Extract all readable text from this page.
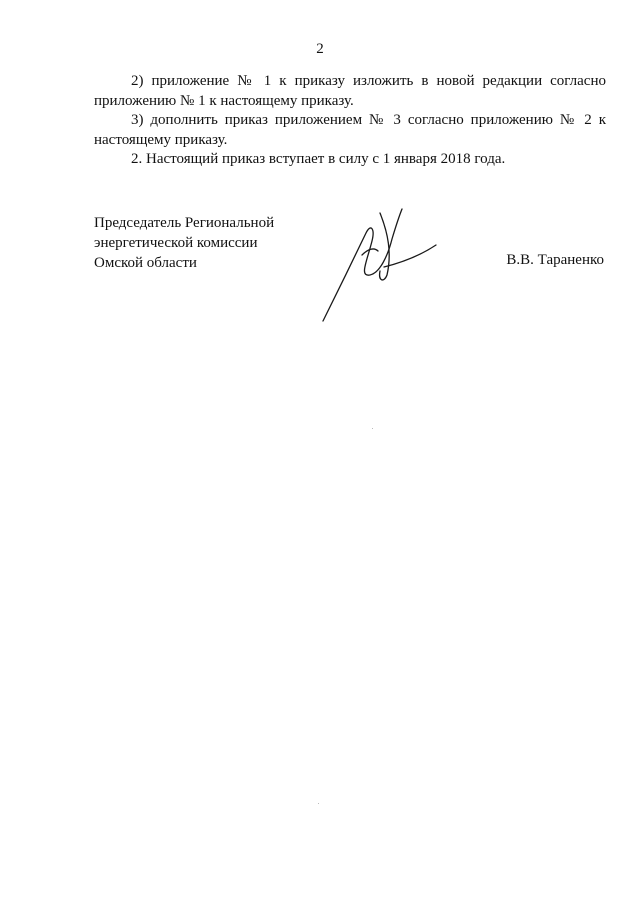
2

2) приложение № 1 к приказу изложить в новой редакции согласно приложению № 1 к настоящему приказу.

3) дополнить приказ приложением № 3 согласно приложению № 2 к настоящему приказу.

2. Настоящий приказ вступает в силу с 1 января 2018 года.

Председатель Региональной
энергетической комиссии
Омской области	В.В. Тараненко
